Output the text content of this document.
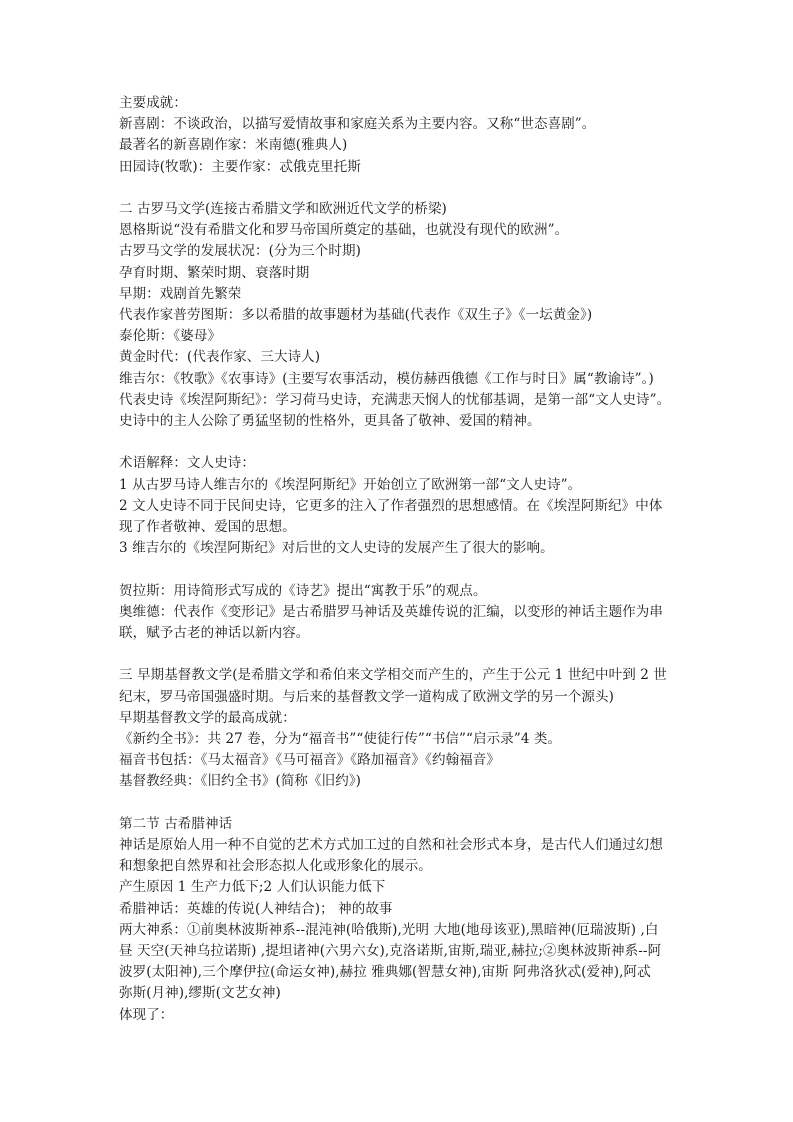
主要成就：
新喜剧：不谈政治，以描写爱情故事和家庭关系为主要内容。又称“世态喜剧”。
最著名的新喜剧作家：米南德(雅典人)
田园诗(牧歌)：主要作家：忒俄克里托斯
二 古罗马文学(连接古希腊文学和欧洲近代文学的桥梁)
恩格斯说“没有希腊文化和罗马帝国所奠定的基础，也就没有现代的欧洲”。
古罗马文学的发展状况：(分为三个时期)
孕育时期、繁荣时期、衰落时期
早期：戏剧首先繁荣
代表作家普劳图斯：多以希腊的故事题材为基础(代表作《双生子》《一坛黄金》)
泰伦斯：《婆母》
黄金时代：(代表作家、三大诗人)
维吉尔：《牧歌》《农事诗》(主要写农事活动，模仿赫西俄德《工作与时日》属“教谕诗”。)
代表史诗《埃涅阿斯纪》：学习荷马史诗，充满悲天悯人的忧郁基调，是第一部“文人史诗”。
史诗中的主人公除了勇猛坚韧的性格外，更具备了敬神、爱国的精神。
术语解释：文人史诗：
1 从古罗马诗人维吉尔的《埃涅阿斯纪》开始创立了欧洲第一部“文人史诗”。
2 文人史诗不同于民间史诗，它更多的注入了作者强烈的思想感情。在《埃涅阿斯纪》中体
现了作者敬神、爱国的思想。
3 维吉尔的《埃涅阿斯纪》对后世的文人史诗的发展产生了很大的影响。
贺拉斯：用诗简形式写成的《诗艺》提出“寓教于乐”的观点。
奥维德：代表作《变形记》是古希腊罗马神话及英雄传说的汇编，以变形的神话主题作为串
联，赋予古老的神话以新内容。
三 早期基督教文学(是希腊文学和希伯来文学相交而产生的，产生于公元 1 世纪中叶到 2 世
纪末，罗马帝国强盛时期。与后来的基督教文学一道构成了欧洲文学的另一个源头)
早期基督教文学的最高成就：
《新约全书》：共 27 卷，分为“福音书”“使徒行传”“书信”“启示录”4 类。
福音书包括：《马太福音》《马可福音》《路加福音》《约翰福音》
基督教经典：《旧约全书》(简称《旧约》)
第二节 古希腊神话
神话是原始人用一种不自觉的艺术方式加工过的自然和社会形式本身，是古代人们通过幻想
和想象把自然界和社会形态拟人化或形象化的展示。
产生原因 1 生产力低下;2 人们认识能力低下
希腊神话：英雄的传说(人神结合)； 神的故事
两大神系：①前奥林波斯神系--混沌神(哈俄斯),光明 大地(地母该亚),黑暗神(厄瑞波斯) ,白
昼 天空(天神乌拉诺斯) ,提坦诸神(六男六女),克洛诺斯,宙斯,瑞亚,赫拉;②奥林波斯神系--阿
波罗(太阳神),三个摩伊拉(命运女神),赫拉 雅典娜(智慧女神),宙斯 阿弗洛狄忒(爱神),阿忒
弥斯(月神),缪斯(文艺女神)
体现了：
